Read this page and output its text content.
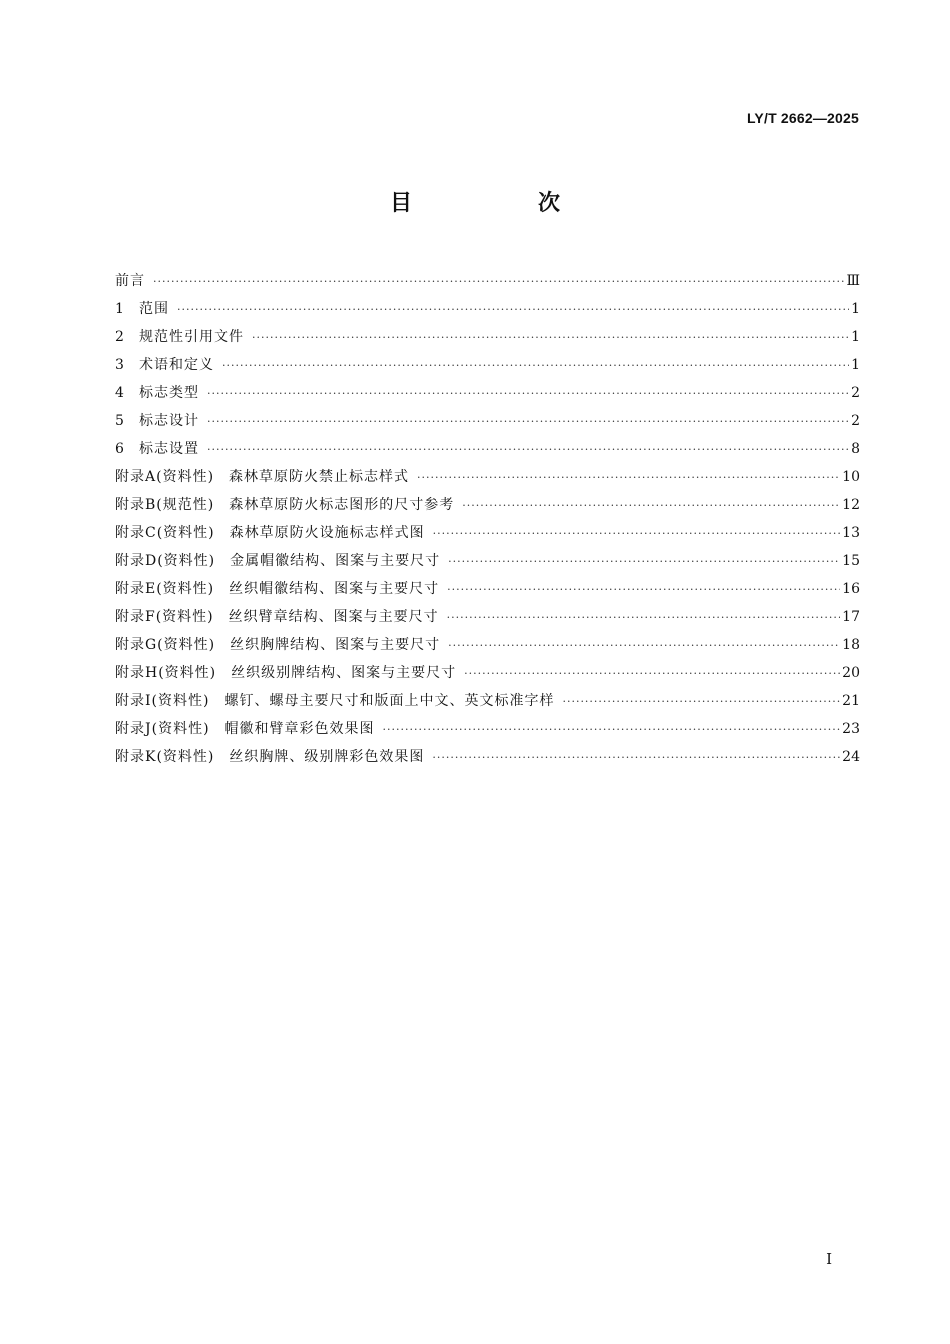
LY/T 2662—2025
目　次
前言 ·····	Ⅲ
1	范围 ·····	1
2	规范性引用文件 ·····	1
3	术语和定义 ·····	1
4	标志类型 ·····	2
5	标志设计 ·····	2
6	标志设置 ·····	8
附录A(资料性)　森林草原防火禁止标志样式 ·····	10
附录B(规范性)　森林草原防火标志图形的尺寸参考 ·····	12
附录C(资料性)　森林草原防火设施标志样式图 ·····	13
附录D(资料性)　金属帽徽结构、图案与主要尺寸 ·····	15
附录E(资料性)　丝织帽徽结构、图案与主要尺寸 ·····	16
附录F(资料性)　丝织臂章结构、图案与主要尺寸 ·····	17
附录G(资料性)　丝织胸牌结构、图案与主要尺寸 ·····	18
附录H(资料性)　丝织级别牌结构、图案与主要尺寸 ·····	20
附录I(资料性)　螺钉、螺母主要尺寸和版面上中文、英文标准字样 ·····	21
附录J(资料性)　帽徽和臂章彩色效果图 ·····	23
附录K(资料性)　丝织胸牌、级别牌彩色效果图 ·····	24
I
